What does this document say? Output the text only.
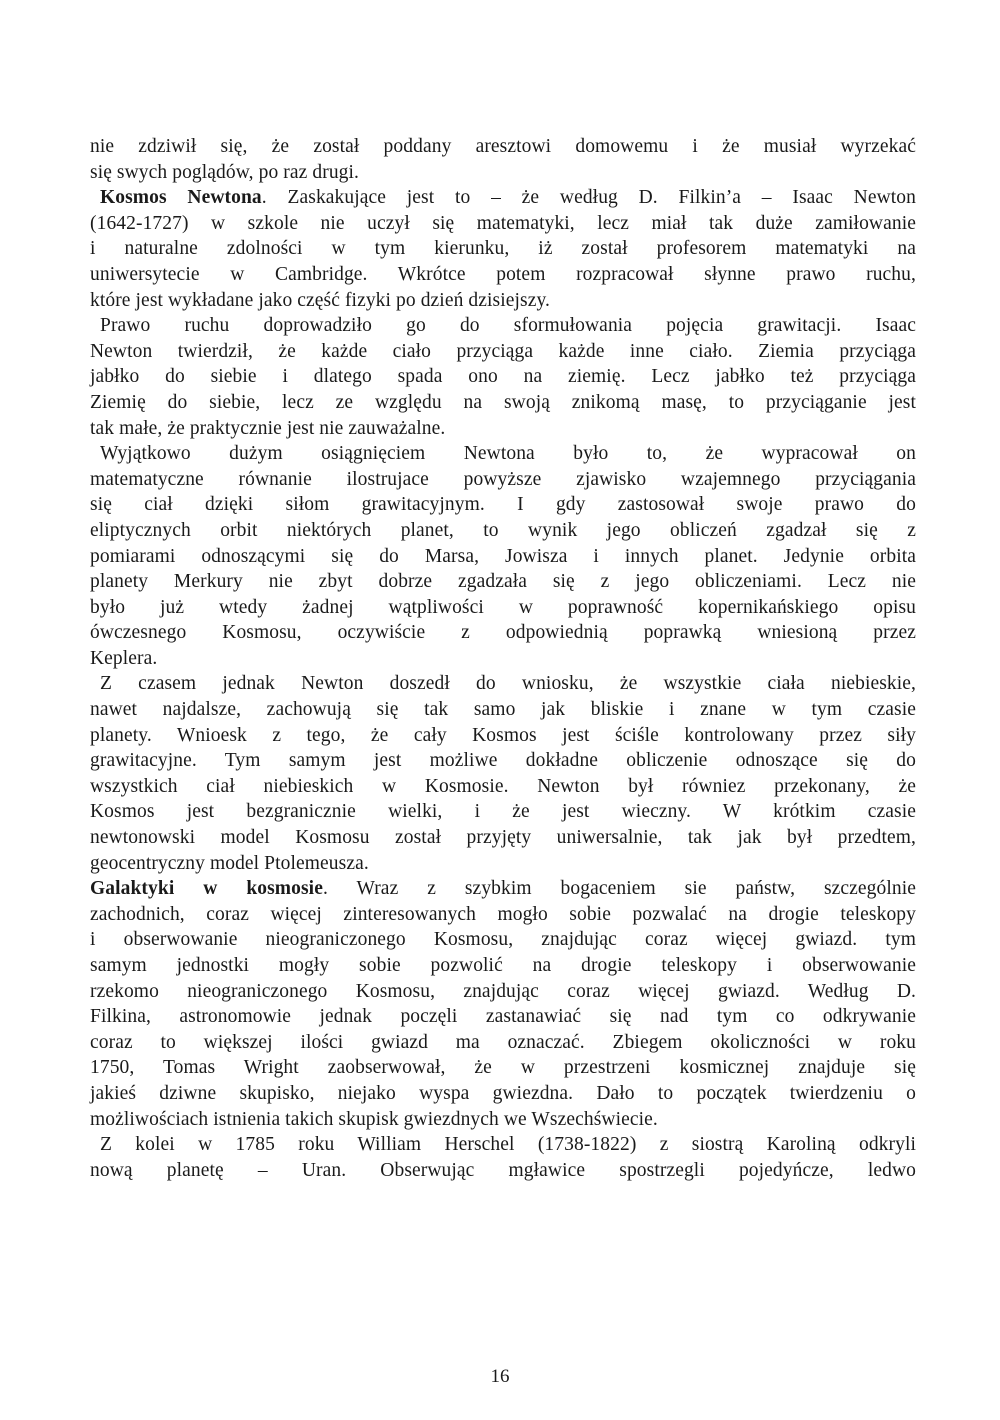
nie zdziwił się, że został poddany aresztowi domowemu i że musiał wyrzekać
się swych poglądów, po raz drugi.
Kosmos Newtona. Zaskakujące jest to – że według D. Filkin’a – Isaac Newton
(1642-1727) w szkole nie uczył się matematyki, lecz miał tak duże zamiłowanie
i naturalne zdolności w tym kierunku, iż został profesorem matematyki na
uniwersytecie w Cambridge. Wkrótce potem rozpracował słynne prawo ruchu,
które jest wykładane jako część fizyki po dzień dzisiejszy.
Prawo ruchu doprowadziło go do sformułowania pojęcia grawitacji. Isaac
Newton twierdził, że każde ciało przyciąga każde inne ciało. Ziemia przyciąga
jabłko do siebie i dlatego spada ono na ziemię. Lecz jabłko też przyciąga
Ziemię do siebie, lecz ze względu na swoją znikomą masę, to przyciąganie jest
tak małe, że praktycznie jest nie zauważalne.
Wyjątkowo dużym osiągnięciem Newtona było to, że wypracował on
matematyczne równanie ilostrujace powyższe zjawisko wzajemnego przyciągania
się ciał dzięki siłom grawitacyjnym. I gdy zastosował swoje prawo do
eliptycznych orbit niektórych planet, to wynik jego obliczeń zgadzał się z
pomiarami odnoszącymi się do Marsa, Jowisza i innych planet. Jedynie orbita
planety Merkury nie zbyt dobrze zgadzała się z jego obliczeniami. Lecz nie
było już wtedy żadnej wątpliwości w poprawność kopernikańskiego opisu
ówczesnego Kosmosu, oczywiście z odpowiednią poprawką wniesioną przez
Keplera.
Z czasem jednak Newton doszedł do wniosku, że wszystkie ciała niebieskie,
nawet najdalsze, zachowują się tak samo jak bliskie i znane w tym czasie
planety. Wnioesk z tego, że cały Kosmos jest ściśle kontrolowany przez siły
grawitacyjne. Tym samym jest możliwe dokładne obliczenie odnoszące się do
wszystkich ciał niebieskich w Kosmosie. Newton był równiez przekonany, że
Kosmos jest bezgranicznie wielki, i że jest wieczny. W krótkim czasie
newtonowski model Kosmosu został przyjęty uniwersalnie, tak jak był przedtem,
geocentryczny model Ptolemeusza.
Galaktyki w kosmosie. Wraz z szybkim bogaceniem sie państw, szczególnie
zachodnich, coraz więcej zinteresowanych mogło sobie pozwalać na drogie teleskopy
i obserwowanie nieograniczonego Kosmosu, znajdując coraz więcej gwiazd. tym
samym jednostki mogły sobie pozwolić na drogie teleskopy i obserwowanie
rzekomo nieograniczonego Kosmosu, znajdując coraz więcej gwiazd. Według D.
Filkina, astronomowie jednak poczęli zastanawiać się nad tym co odkrywanie
coraz to większej ilości gwiazd ma oznaczać. Zbiegem okoliczności w roku
1750, Tomas Wright zaobserwował, że w przestrzeni kosmicznej znajduje się
jakieś dziwne skupisko, niejako wyspa gwiezdna. Dało to początek twierdzeniu o
możliwościach istnienia takich skupisk gwiezdnych we Wszechświecie.
Z kolei w 1785 roku William Herschel (1738-1822) z siostrą Karoliną odkryli
nową planetę – Uran. Obserwując mgławice spostrzegli pojedyńcze, ledwo
16
